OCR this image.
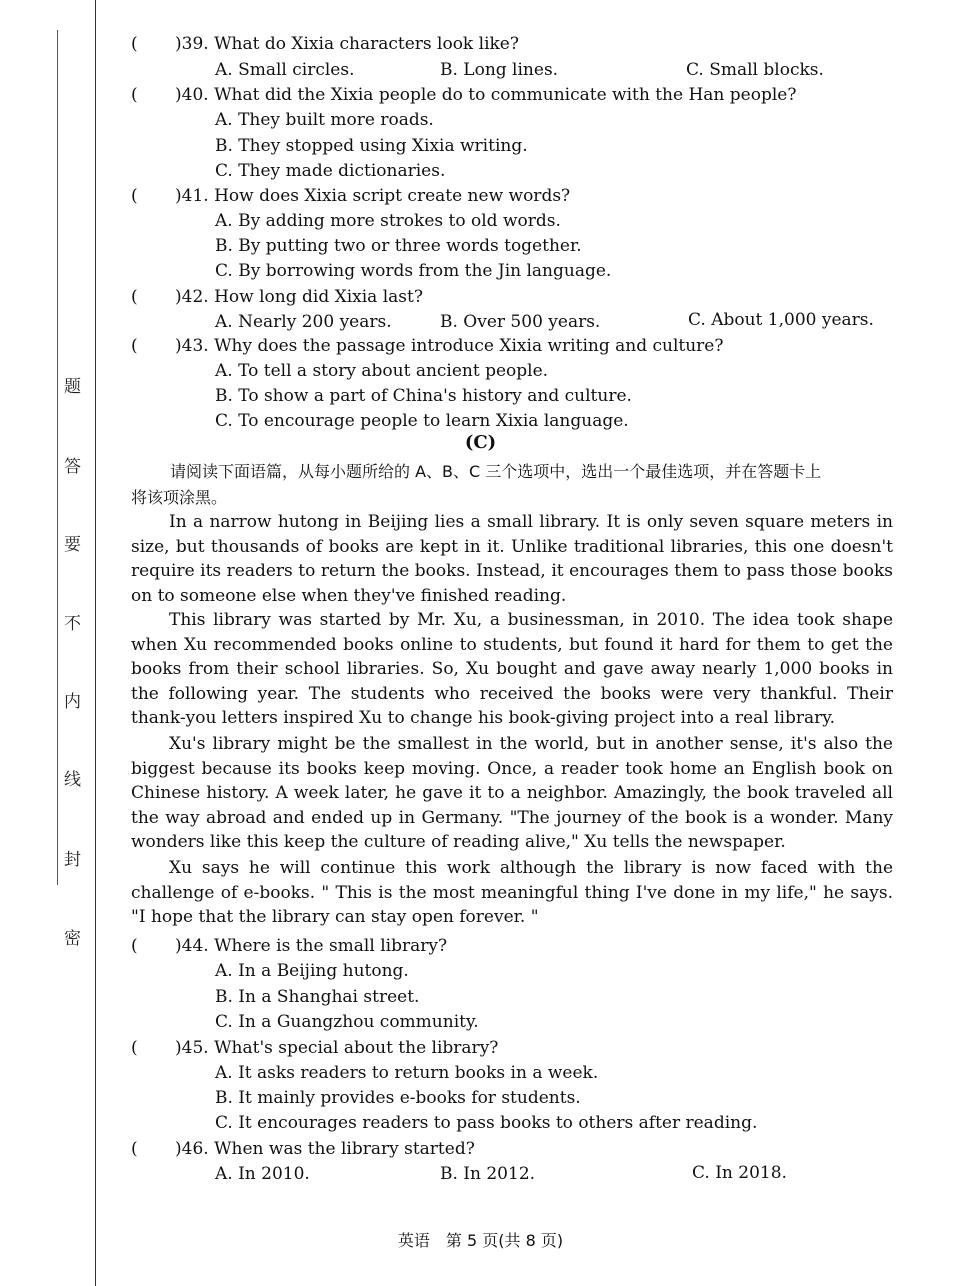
题
答
要
不
内
线
封
密
( )39. What do Xixia characters look like?
A. Small circles.	B. Long lines.	C. Small blocks.
( )40. What did the Xixia people do to communicate with the Han people?
A. They built more roads.
B. They stopped using Xixia writing.
C. They made dictionaries.
( )41. How does Xixia script create new words?
A. By adding more strokes to old words.
B. By putting two or three words together.
C. By borrowing words from the Jin language.
( )42. How long did Xixia last?
A. Nearly 200 years.	B. Over 500 years.	C. About 1,000 years.
( )43. Why does the passage introduce Xixia writing and culture?
A. To tell a story about ancient people.
B. To show a part of China's history and culture.
C. To encourage people to learn Xixia language.
(C)
请阅读下面语篇，从每小题所给的 A、B、C 三个选项中，选出一个最佳选项，并在答题卡上
将该项涂黑。
In a narrow hutong in Beijing lies a small library. It is only seven square meters in size, but thousands of books are kept in it. Unlike traditional libraries, this one doesn't require its readers to return the books. Instead, it encourages them to pass those books on to someone else when they've finished reading.
This library was started by Mr. Xu, a businessman, in 2010. The idea took shape when Xu recommended books online to students, but found it hard for them to get the books from their school libraries. So, Xu bought and gave away nearly 1,000 books in the following year. The students who received the books were very thankful. Their thank-you letters inspired Xu to change his book-giving project into a real library.
Xu's library might be the smallest in the world, but in another sense, it's also the biggest because its books keep moving. Once, a reader took home an English book on Chinese history. A week later, he gave it to a neighbor. Amazingly, the book traveled all the way abroad and ended up in Germany. "The journey of the book is a wonder. Many wonders like this keep the culture of reading alive," Xu tells the newspaper.
Xu says he will continue this work although the library is now faced with the challenge of e-books. " This is the most meaningful thing I've done in my life," he says. "I hope that the library can stay open forever. "
( )44. Where is the small library?
A. In a Beijing hutong.
B. In a Shanghai street.
C. In a Guangzhou community.
( )45. What's special about the library?
A. It asks readers to return books in a week.
B. It mainly provides e-books for students.
C. It encourages readers to pass books to others after reading.
( )46. When was the library started?
A. In 2010.	B. In 2012.	C. In 2018.
英语　第 5 页(共 8 页)
